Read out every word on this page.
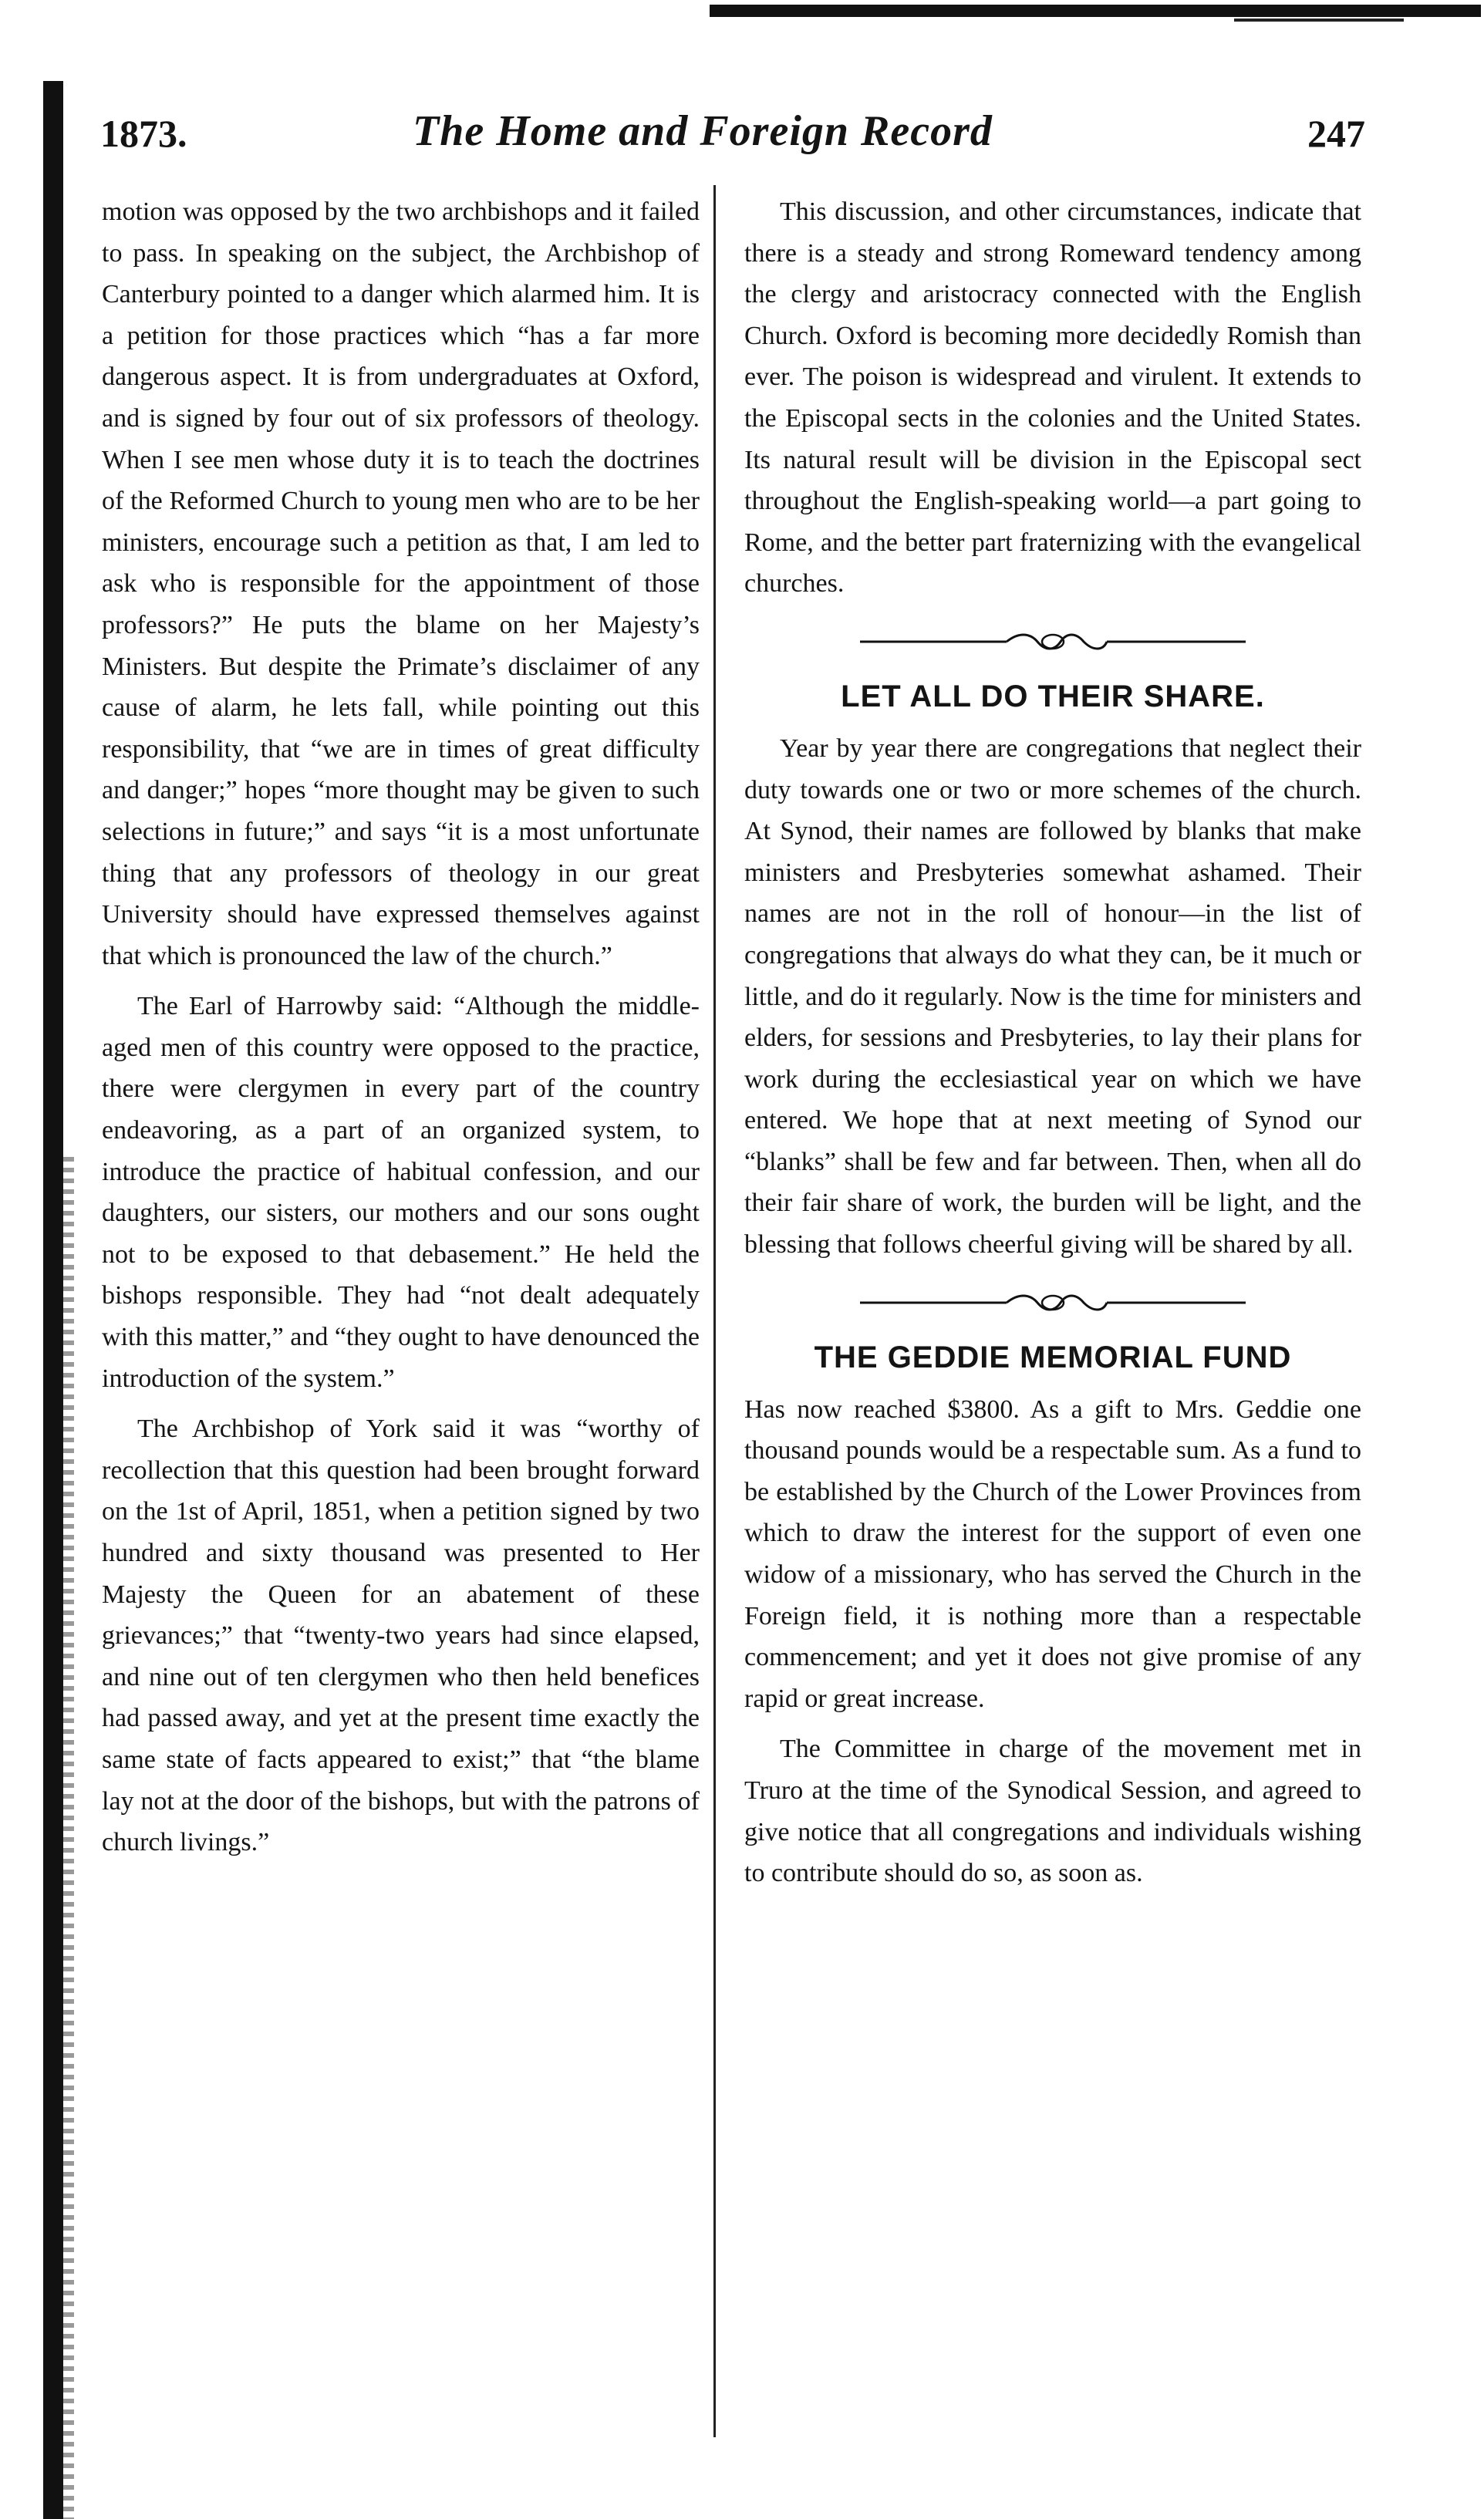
1873.	The Home and Foreign Record	247

motion was opposed by the two archbishops and it failed to pass. In speaking on the subject, the Archbishop of Canterbury pointed to a danger which alarmed him. It is a petition for those practices which “has a far more dangerous aspect. It is from undergraduates at Oxford, and is signed by four out of six professors of theology. When I see men whose duty it is to teach the doctrines of the Reformed Church to young men who are to be her ministers, encourage such a petition as that, I am led to ask who is responsible for the appointment of those professors?” He puts the blame on her Majesty’s Ministers. But despite the Primate’s disclaimer of any cause of alarm, he lets fall, while pointing out this responsibility, that “we are in times of great difficulty and danger;” hopes “more thought may be given to such selections in future;” and says “it is a most unfortunate thing that any professors of theology in our great University should have expressed themselves against that which is pronounced the law of the church.”

The Earl of Harrowby said: “Although the middle-aged men of this country were opposed to the practice, there were clergymen in every part of the country endeavoring, as a part of an organized system, to introduce the practice of habitual confession, and our daughters, our sisters, our mothers and our sons ought not to be exposed to that debasement.” He held the bishops responsible. They had “not dealt adequately with this matter,” and “they ought to have denounced the introduction of the system.”

The Archbishop of York said it was “worthy of recollection that this question had been brought forward on the 1st of April, 1851, when a petition signed by two hundred and sixty thousand was presented to Her Majesty the Queen for an abatement of these grievances;” that “twenty-two years had since elapsed, and nine out of ten clergymen who then held benefices had passed away, and yet at the present time exactly the same state of facts appeared to exist;” that “the blame lay not at the door of the bishops, but with the patrons of church livings.”

This discussion, and other circumstances, indicate that there is a steady and strong Romeward tendency among the clergy and aristocracy connected with the English Church. Oxford is becoming more decidedly Romish than ever. The poison is widespread and virulent. It extends to the Episcopal sects in the colonies and the United States. Its natural result will be division in the Episcopal sect throughout the English-speaking world—a part going to Rome, and the better part fraternizing with the evangelical churches.

LET ALL DO THEIR SHARE.

Year by year there are congregations that neglect their duty towards one or two or more schemes of the church. At Synod, their names are followed by blanks that make ministers and Presbyteries somewhat ashamed. Their names are not in the roll of honour—in the list of congregations that always do what they can, be it much or little, and do it regularly. Now is the time for ministers and elders, for sessions and Presbyteries, to lay their plans for work during the ecclesiastical year on which we have entered. We hope that at next meeting of Synod our “blanks” shall be few and far between. Then, when all do their fair share of work, the burden will be light, and the blessing that follows cheerful giving will be shared by all.

THE GEDDIE MEMORIAL FUND

Has now reached $3800. As a gift to Mrs. Geddie one thousand pounds would be a respectable sum. As a fund to be established by the Church of the Lower Provinces from which to draw the interest for the support of even one widow of a missionary, who has served the Church in the Foreign field, it is nothing more than a respectable commencement; and yet it does not give promise of any rapid or great increase.

The Committee in charge of the movement met in Truro at the time of the Synodical Session, and agreed to give notice that all congregations and individuals wishing to contribute should do so, as soon as.
